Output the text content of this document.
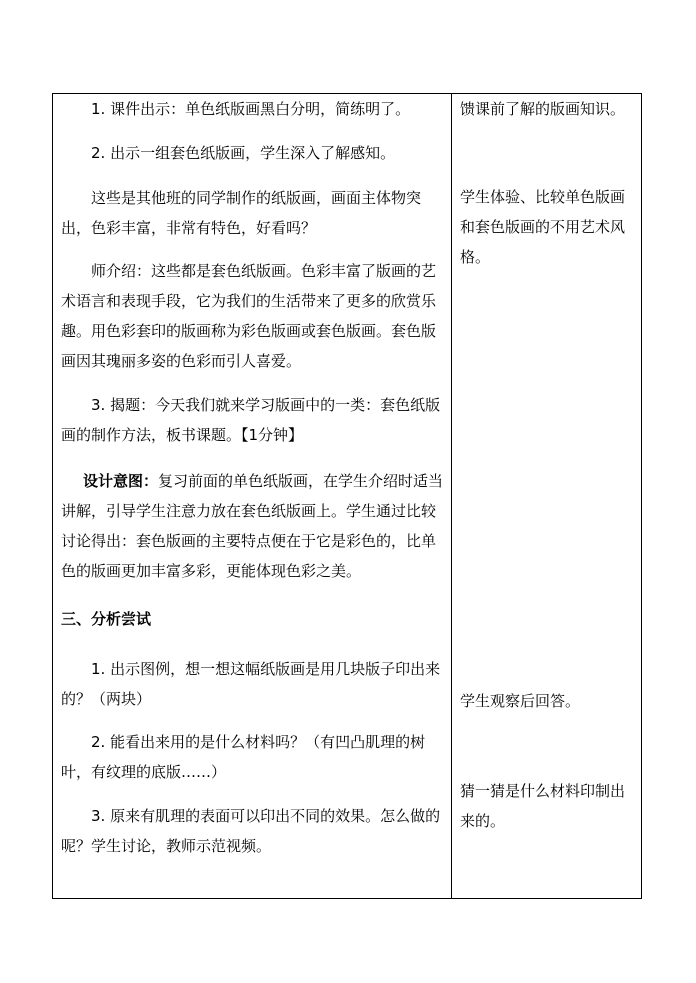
1. 课件出示：单色纸版画黑白分明，简练明了。

2. 出示一组套色纸版画，学生深入了解感知。

这些是其他班的同学制作的纸版画，画面主体物突出，色彩丰富，非常有特色，好看吗？

师介绍：这些都是套色纸版画。色彩丰富了版画的艺术语言和表现手段，它为我们的生活带来了更多的欣赏乐趣。用色彩套印的版画称为彩色版画或套色版画。套色版画因其瑰丽多姿的色彩而引人喜爱。

3. 揭题：今天我们就来学习版画中的一类：套色纸版画的制作方法，板书课题。【1分钟】

设计意图：复习前面的单色纸版画，在学生介绍时适当讲解，引导学生注意力放在套色纸版画上。学生通过比较讨论得出：套色版画的主要特点便在于它是彩色的，比单色的版画更加丰富多彩，更能体现色彩之美。

三、分析尝试

1. 出示图例，想一想这幅纸版画是用几块版子印出来的？（两块）

2. 能看出来用的是什么材料吗？（有凹凸肌理的树叶，有纹理的底版……）

3. 原来有肌理的表面可以印出不同的效果。怎么做的呢？学生讨论，教师示范视频。

馈课前了解的版画知识。

学生体验、比较单色版画和套色版画的不用艺术风格。

学生观察后回答。

猜一猜是什么材料印制出来的。
